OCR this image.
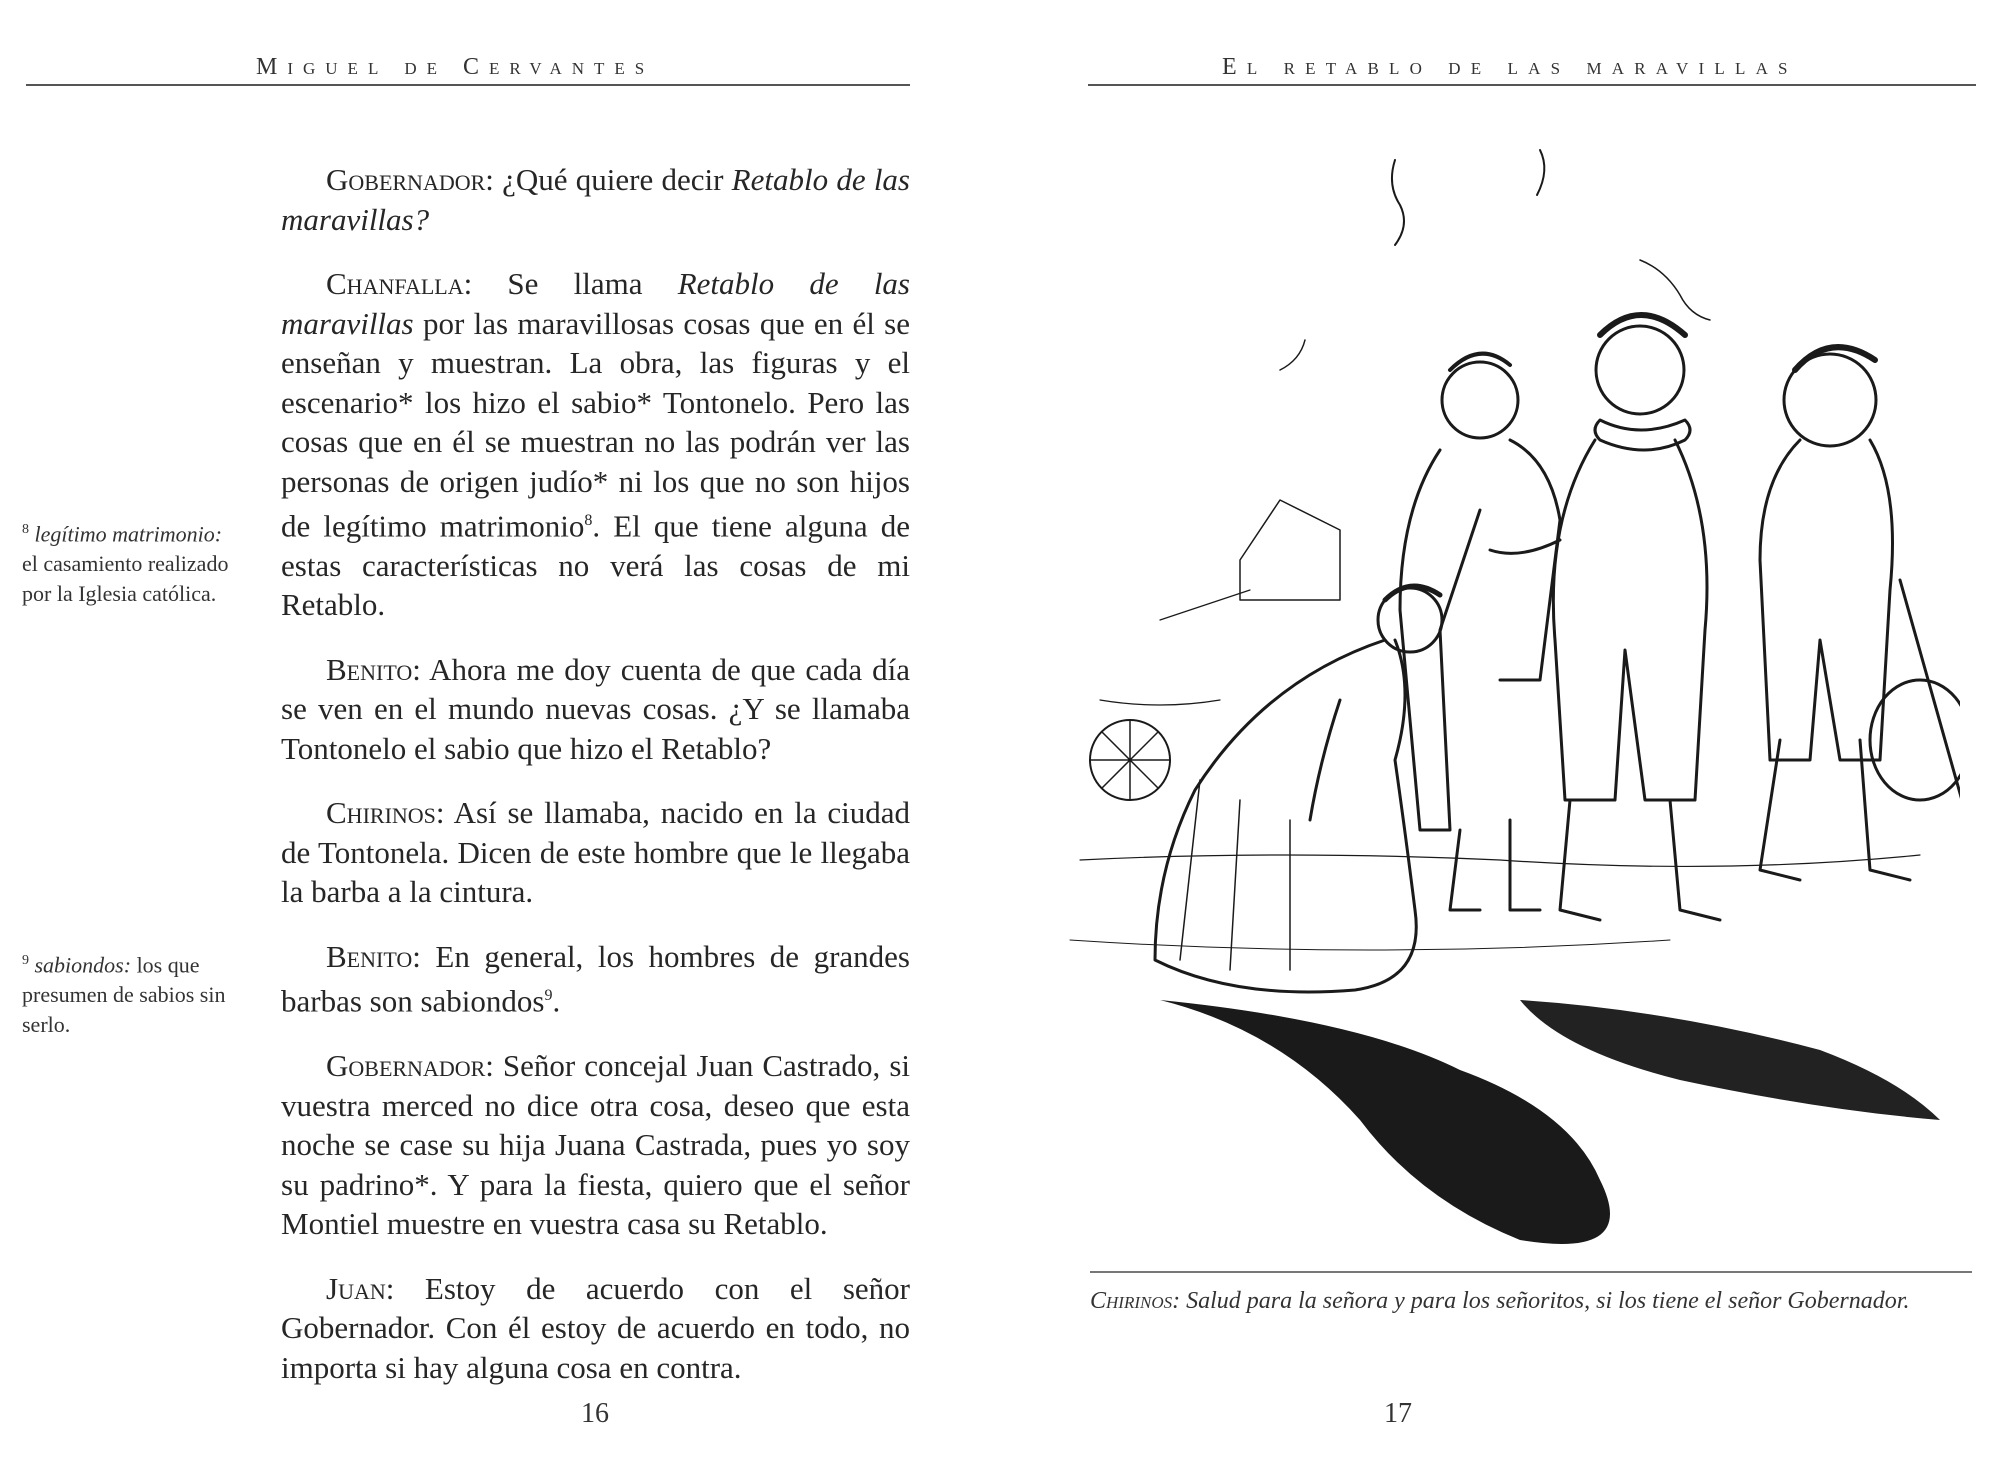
Miguel de Cervantes

Gobernador: ¿Qué quiere decir Retablo de las maravillas?

Chanfalla: Se llama Retablo de las maravillas por las maravillosas cosas que en él se enseñan y muestran. La obra, las figuras y el escenario* los hizo el sabio* Tontonelo. Pero las cosas que en él se muestran no las podrán ver las personas de origen judío* ni los que no son hijos de legítimo matrimonio$^8$. El que tiene alguna de estas características no verá las cosas de mi Retablo.

Benito: Ahora me doy cuenta de que cada día se ven en el mundo nuevas cosas. ¿Y se llamaba Tontonelo el sabio que hizo el Retablo?

Chirinos: Así se llamaba, nacido en la ciudad de Tontonela. Dicen de este hombre que le llegaba la barba a la cintura.

Benito: En general, los hombres de grandes barbas son sabiondos$^9$.

Gobernador: Señor concejal Juan Castrado, si vuestra merced no dice otra cosa, deseo que esta noche se case su hija Juana Castrada, pues yo soy su padrino*. Y para la fiesta, quiero que el señor Montiel muestre en vuestra casa su Retablo.

Juan: Estoy de acuerdo con el señor Gobernador. Con él estoy de acuerdo en todo, no importa si hay alguna cosa en contra.

$^8$ legítimo matrimonio: el casamiento realizado por la Iglesia católica.
$^9$ sabiondos: los que presumen de sabios sin serlo.
16
El retablo de las maravillas
Chirinos: Salud para la señora y para los señoritos, si los tiene el señor Gobernador.
17
